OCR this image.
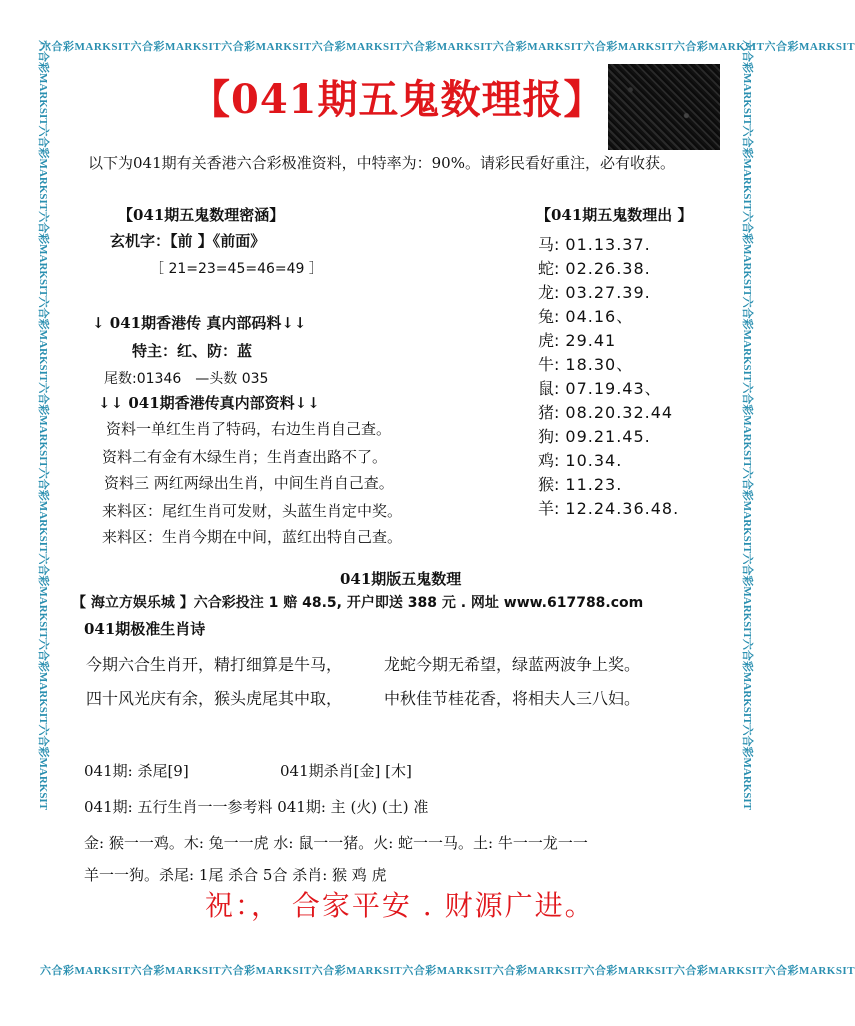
六合彩MARKSIT六合彩MARKSIT六合彩MARKSIT六合彩MARKSIT六合彩MARKSIT六合彩MARKSIT六合彩MARKSIT六合彩MARKSIT六合彩MARKSIT
六合彩MARKSIT六合彩MARKSIT六合彩MARKSIT六合彩MARKSIT六合彩MARKSIT六合彩MARKSIT六合彩MARKSIT六合彩MARKSIT六合彩MARKSIT
六合彩MARKSIT六合彩MARKSIT六合彩MARKSIT六合彩MARKSIT六合彩MARKSIT六合彩MARKSIT六合彩MARKSIT六合彩MARKSIT六合彩MARKSIT	六合彩MARKSIT六合彩MARKSIT六合彩MARKSIT六合彩MARKSIT六合彩MARKSIT六合彩MARKSIT六合彩MARKSIT六合彩MARKSIT六合彩MARKSIT
【041期五鬼数理报】
以下为041期有关香港六合彩极准资料，中特率为：90%。请彩民看好重注，必有收获。
【041期五鬼数理密涵】
玄机字：【前 】《前面》
［ 21=23=45=46=49 ］
↓ 041期香港传 真内部码料↓↓
特主：红、防：蓝
尾数:01346　—头数 035
↓↓ 041期香港传真内部资料↓↓
资料一单红生肖了特码，右边生肖自己查。
资料二有金有木绿生肖；生肖查出路不了。
资料三 两红两绿出生肖，中间生肖自己查。
来料区：尾红生肖可发财，头蓝生肖定中奖。
来料区：生肖今期在中间，蓝红出特自己查。
【041期五鬼数理出 】
马: 01.13.37.
蛇: 02.26.38.
龙: 03.27.39.
兔: 04.16、
虎: 29.41
牛: 18.30、
鼠: 07.19.43、
猪: 08.20.32.44
狗: 09.21.45.
鸡: 10.34.
猴: 11.23.
羊: 12.24.36.48.
041期版五鬼数理
【 海立方娱乐城 】六合彩投注 1 赔 48.5, 开户即送 388 元 . 网址 www.617788.com
041期极准生肖诗
今期六合生肖开，精打细算是牛马，	龙蛇今期无希望，绿蓝两波争上奖。
四十风光庆有余，猴头虎尾其中取，	中秋佳节桂花香，将相夫人三八妇。
041期: 杀尾[9]	041期杀肖[金] [木]
041期: 五行生肖一一参考料 041期: 主 (火) (土) 准
金: 猴一一鸡。木: 兔一一虎 水: 鼠一一猪。火: 蛇一一马。土: 牛一一龙一一
羊一一狗。杀尾: 1尾 杀合 5合 杀肖: 猴 鸡 虎
祝：， 合家平安 . 财源广进。
